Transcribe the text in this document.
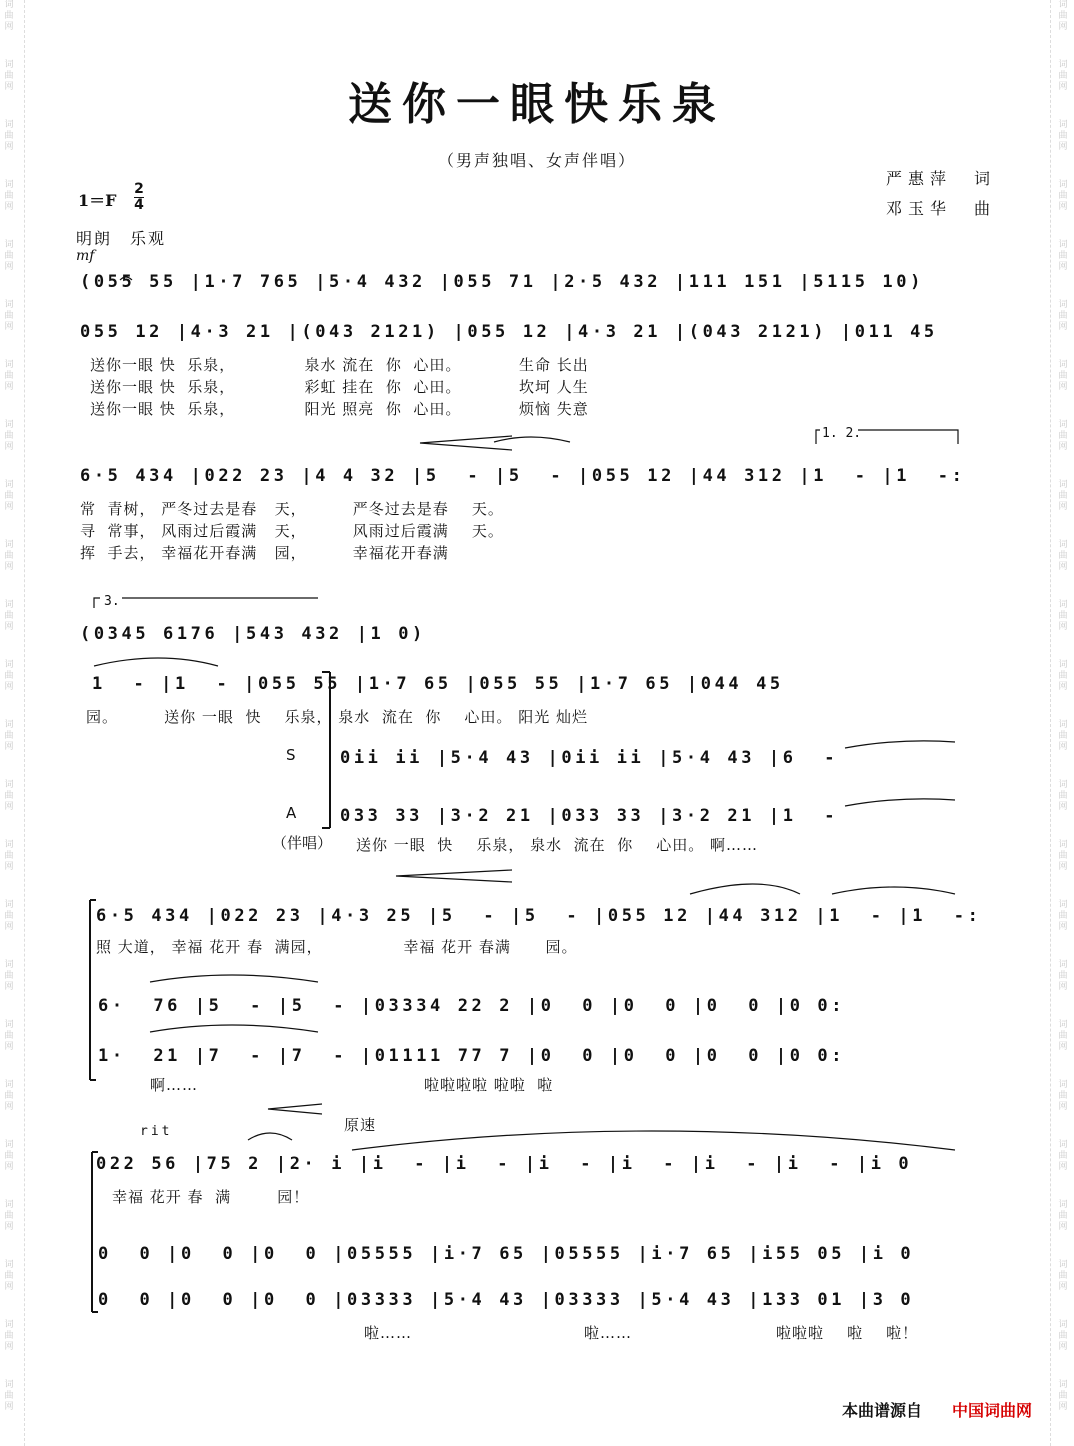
词曲网
词曲网
词曲网
词曲网
词曲网
词曲网
词曲网
词曲网
词曲网
词曲网
词曲网
词曲网
词曲网
词曲网
词曲网
词曲网
词曲网
词曲网
词曲网
词曲网
词曲网
词曲网
词曲网
词曲网
词曲网
词曲网
词曲网
词曲网
词曲网
词曲网
词曲网
词曲网
词曲网
词曲网
词曲网
词曲网
词曲网
词曲网
词曲网
词曲网
词曲网
词曲网
词曲网
词曲网
词曲网
词曲网
词曲网
词曲网
送你一眼快乐泉
（男声独唱、女声伴唱）
严惠萍　词
邓玉华　曲
1＝F
2
4
明朗　乐观
mf
(055 55 |1·7 765 |5·4 432 |055 71 |2·5 432 |111 151 |5115 10)
055 12 |4·3 21 |(043 2121) |055 12 |4·3 21 |(043 2121) |011 45
送你一眼 快  乐泉，            泉水 流在  你  心田。          生命 长出
送你一眼 快  乐泉，            彩虹 挂在  你  心田。          坎坷 人生
送你一眼 快  乐泉，            阳光 照亮  你  心田。          烦恼 失意
1. 2.
6·5 434 |022 23 |4 4 32 |5  - |5  - |055 12 |44 312 |1  - |1  -:
常  青树， 严冬过去是春   天，        严冬过去是春    天。
寻  常事， 风雨过后霞满   天，        风雨过后霞满    天。
挥  手去， 幸福花开春满   园，        幸福花开春满
3.
(0345 6176 |543 432 |1 0)
1  - |1  - |055 55 |1·7 65 |055 55 |1·7 65 |044 45
园。        送你 一眼  快    乐泉， 泉水  流在  你    心田。 阳光 灿烂
S	0ii ii |5·4 43 |0ii ii |5·4 43 |6  -
A	033 33 |3·2 21 |033 33 |3·2 21 |1  -
（伴唱） 送你 一眼  快    乐泉， 泉水  流在  你    心田。 啊……
6·5 434 |022 23 |4·3 25 |5  - |5  - |055 12 |44 312 |1  - |1  -:
照 大道， 幸福 花开 春  满园，              幸福 花开 春满      园。
6·  76 |5  - |5  - |03334 22 2 |0  0 |0  0 |0  0 |0 0:
1·  21 |7  - |7  - |01111 77 7 |0  0 |0  0 |0  0 |0 0:
啊……	啦啦啦啦 啦啦  啦
rit	原速
022 56 |75 2 |2· i |i  - |i  - |i  - |i  - |i  - |i  - |i 0
幸福 花开 春  满        园！
0  0 |0  0 |0  0 |05555 |i·7 65 |05555 |i·7 65 |i55 05 |i 0
0  0 |0  0 |0  0 |03333 |5·4 43 |03333 |5·4 43 |133 01 |3 0
啦……	啦……	啦啦啦    啦    啦！
本曲谱源自 中国词曲网
